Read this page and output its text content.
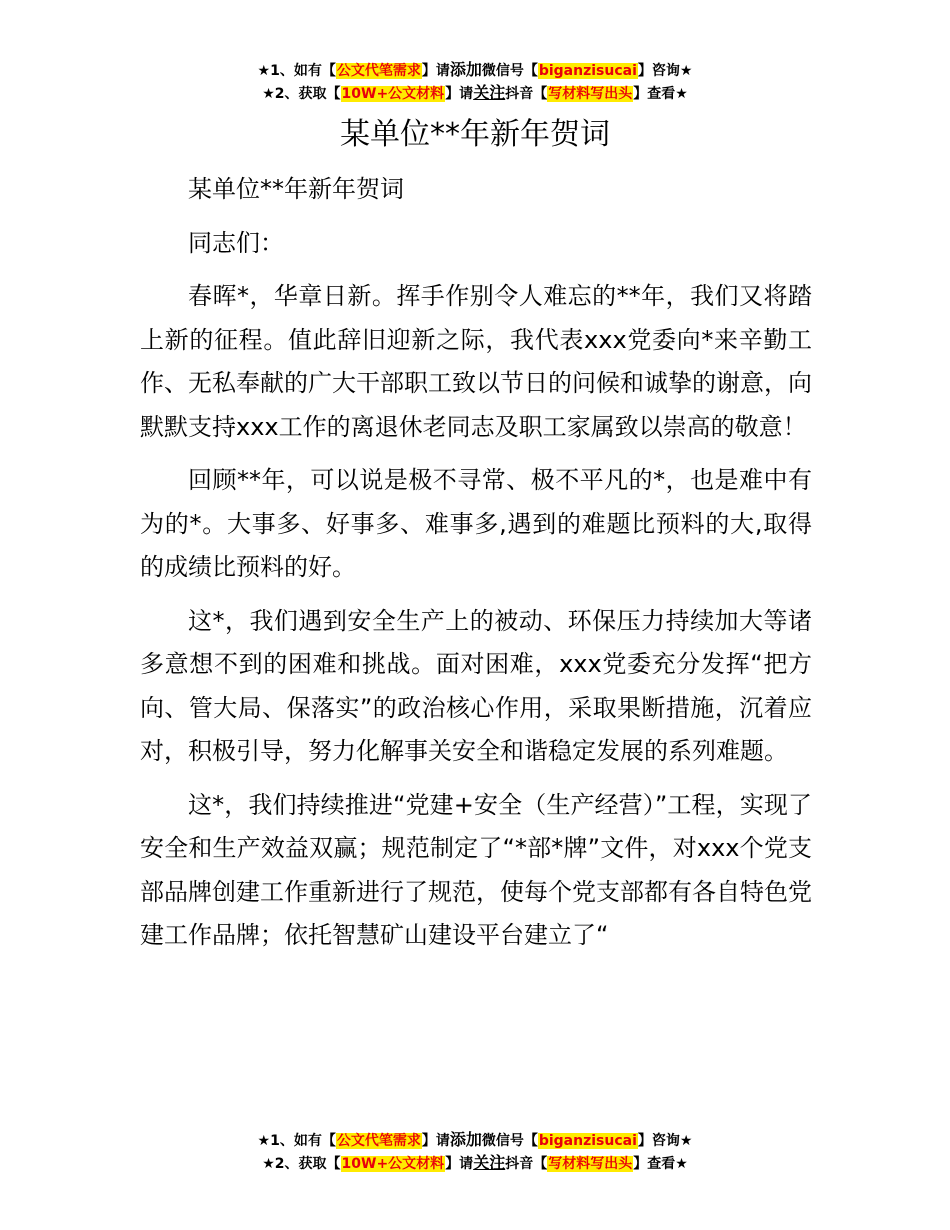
★1、如有【公文代笔需求】请添加微信号【biganzisucai】咨询★
★2、获取【10W+公文材料】请关注抖音【写材料写出头】查看★
某单位**年新年贺词

某单位**年新年贺词

同志们：

春晖*，华章日新。挥手作别令人难忘的**年，我们又将踏上新的征程。值此辞旧迎新之际，我代表xxx党委向*来辛勤工作、无私奉献的广大干部职工致以节日的问候和诚挚的谢意，向默默支持xxx工作的离退休老同志及职工家属致以崇高的敬意！

回顾**年，可以说是极不寻常、极不平凡的*，也是难中有为的*。大事多、好事多、难事多,遇到的难题比预料的大,取得的成绩比预料的好。

这*，我们遇到安全生产上的被动、环保压力持续加大等诸多意想不到的困难和挑战。面对困难，xxx党委充分发挥“把方向、管大局、保落实”的政治核心作用，采取果断措施，沉着应对，积极引导，努力化解事关安全和谐稳定发展的系列难题。

这*，我们持续推进“党建+安全（生产经营）”工程，实现了安全和生产效益双赢；规范制定了“*部*牌”文件，对xxx个党支部品牌创建工作重新进行了规范，使每个党支部都有各自特色党建工作品牌；依托智慧矿山建设平台建立了“

★1、如有【公文代笔需求】请添加微信号【biganzisucai】咨询★
★2、获取【10W+公文材料】请关注抖音【写材料写出头】查看★
